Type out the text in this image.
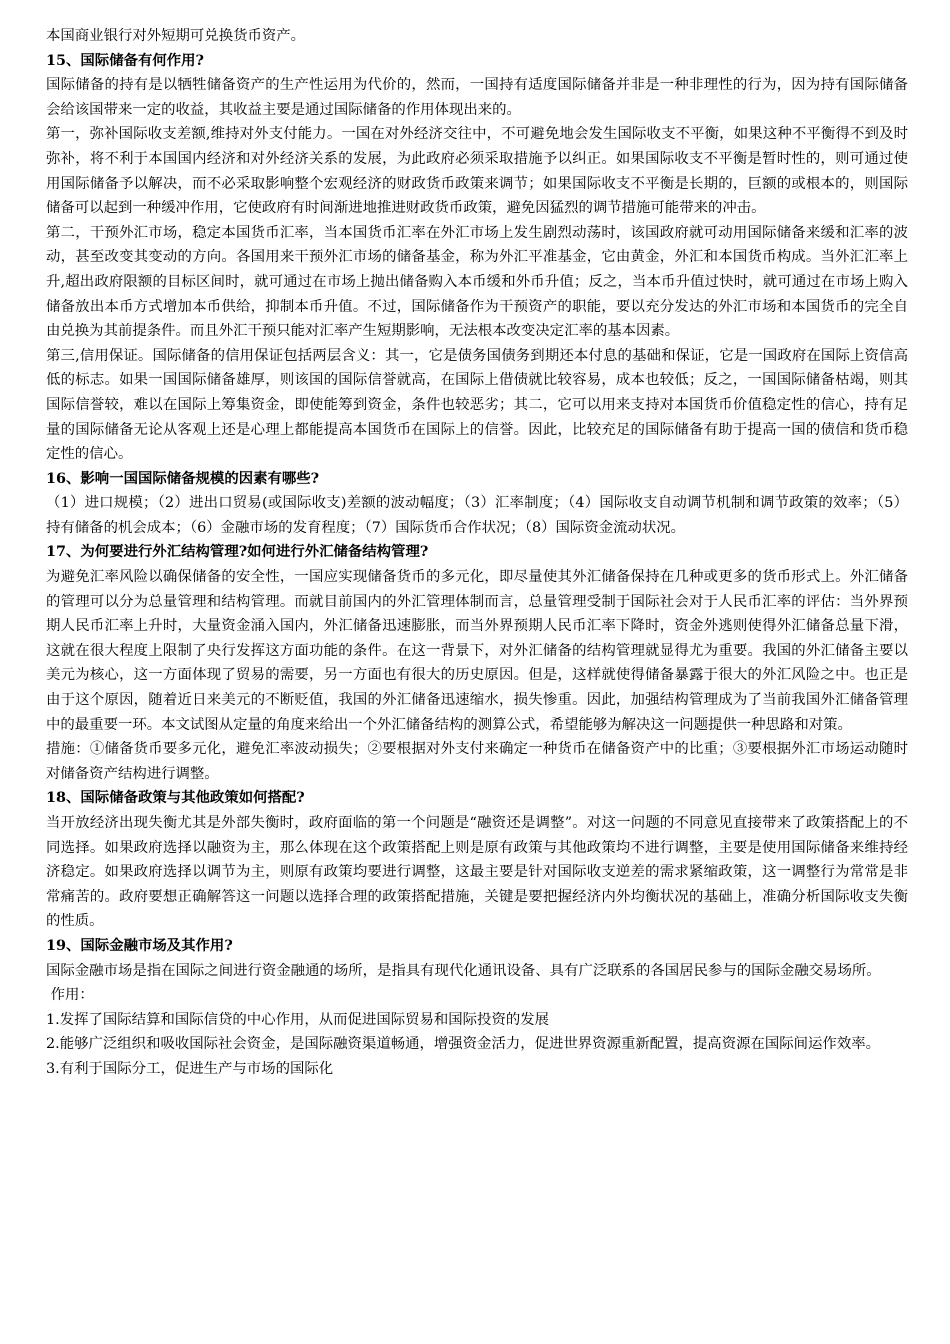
本国商业银行对外短期可兑换货币资产。

15、国际储备有何作用?

国际储备的持有是以牺牲储备资产的生产性运用为代价的，然而，一国持有适度国际储备并非是一种非理性的行为，因为持有国际储备会给该国带来一定的收益，其收益主要是通过国际储备的作用体现出来的。

第一，弥补国际收支差额,维持对外支付能力。一国在对外经济交往中，不可避免地会发生国际收支不平衡，如果这种不平衡得不到及时弥补，将不利于本国国内经济和对外经济关系的发展，为此政府必须采取措施予以纠正。如果国际收支不平衡是暂时性的，则可通过使用国际储备予以解决，而不必采取影响整个宏观经济的财政货币政策来调节；如果国际收支不平衡是长期的，巨额的或根本的，则国际储备可以起到一种缓冲作用，它使政府有时间渐进地推进财政货币政策，避免因猛烈的调节措施可能带来的冲击。

第二，干预外汇市场，稳定本国货币汇率，当本国货币汇率在外汇市场上发生剧烈动荡时，该国政府就可动用国际储备来缓和汇率的波动，甚至改变其变动的方向。各国用来干预外汇市场的储备基金，称为外汇平准基金，它由黄金，外汇和本国货币构成。当外汇汇率上升,超出政府限额的目标区间时，就可通过在市场上抛出储备购入本币缓和外币升值；反之，当本币升值过快时，就可通过在市场上购入储备放出本币方式增加本币供给，抑制本币升值。不过，国际储备作为干预资产的职能，要以充分发达的外汇市场和本国货币的完全自由兑换为其前提条件。而且外汇干预只能对汇率产生短期影响，无法根本改变决定汇率的基本因素。

第三,信用保证。国际储备的信用保证包括两层含义：其一，它是债务国债务到期还本付息的基础和保证，它是一国政府在国际上资信高低的标志。如果一国国际储备雄厚，则该国的国际信誉就高，在国际上借债就比较容易，成本也较低；反之，一国国际储备枯竭，则其国际信誉较，难以在国际上筹集资金，即使能筹到资金，条件也较恶劣；其二，它可以用来支持对本国货币价值稳定性的信心，持有足量的国际储备无论从客观上还是心理上都能提高本国货币在国际上的信誉。因此，比较充足的国际储备有助于提高一国的债信和货币稳定性的信心。

16、影响一国国际储备规模的因素有哪些?

（1）进口规模；（2）进出口贸易(或国际收支)差额的波动幅度；（3）汇率制度；（4）国际收支自动调节机制和调节政策的效率；（5）持有储备的机会成本；（6）金融市场的发育程度；（7）国际货币合作状况；（8）国际资金流动状况。

17、为何要进行外汇结构管理?如何进行外汇储备结构管理?

为避免汇率风险以确保储备的安全性，一国应实现储备货币的多元化，即尽量使其外汇储备保持在几种或更多的货币形式上。外汇储备的管理可以分为总量管理和结构管理。而就目前国内的外汇管理体制而言，总量管理受制于国际社会对于人民币汇率的评估：当外界预期人民币汇率上升时，大量资金涌入国内，外汇储备迅速膨胀，而当外界预期人民币汇率下降时，资金外逃则使得外汇储备总量下滑，这就在很大程度上限制了央行发挥这方面功能的条件。在这一背景下，对外汇储备的结构管理就显得尤为重要。我国的外汇储备主要以美元为核心，这一方面体现了贸易的需要，另一方面也有很大的历史原因。但是，这样就使得储备暴露于很大的外汇风险之中。也正是由于这个原因，随着近日来美元的不断贬值，我国的外汇储备迅速缩水，损失惨重。因此，加强结构管理成为了当前我国外汇储备管理中的最重要一环。本文试图从定量的角度来给出一个外汇储备结构的测算公式，希望能够为解决这一问题提供一种思路和对策。

措施：①储备货币要多元化，避免汇率波动损失；②要根据对外支付来确定一种货币在储备资产中的比重；③要根据外汇市场运动随时对储备资产结构进行调整。

18、国际储备政策与其他政策如何搭配?

当开放经济出现失衡尤其是外部失衡时，政府面临的第一个问题是“融资还是调整”。对这一问题的不同意见直接带来了政策搭配上的不同选择。如果政府选择以融资为主，那么体现在这个政策搭配上则是原有政策与其他政策均不进行调整，主要是使用国际储备来维持经济稳定。如果政府选择以调节为主，则原有政策均要进行调整，这最主要是针对国际收支逆差的需求紧缩政策，这一调整行为常常是非常痛苦的。政府要想正确解答这一问题以选择合理的政策搭配措施，关键是要把握经济内外均衡状况的基础上，准确分析国际收支失衡的性质。

19、国际金融市场及其作用?

国际金融市场是指在国际之间进行资金融通的场所，是指具有现代化通讯设备、具有广泛联系的各国居民参与的国际金融交易场所。

作用：

1.发挥了国际结算和国际信贷的中心作用，从而促进国际贸易和国际投资的发展

2.能够广泛组织和吸收国际社会资金，是国际融资渠道畅通，增强资金活力，促进世界资源重新配置，提高资源在国际间运作效率。

3.有利于国际分工，促进生产与市场的国际化
